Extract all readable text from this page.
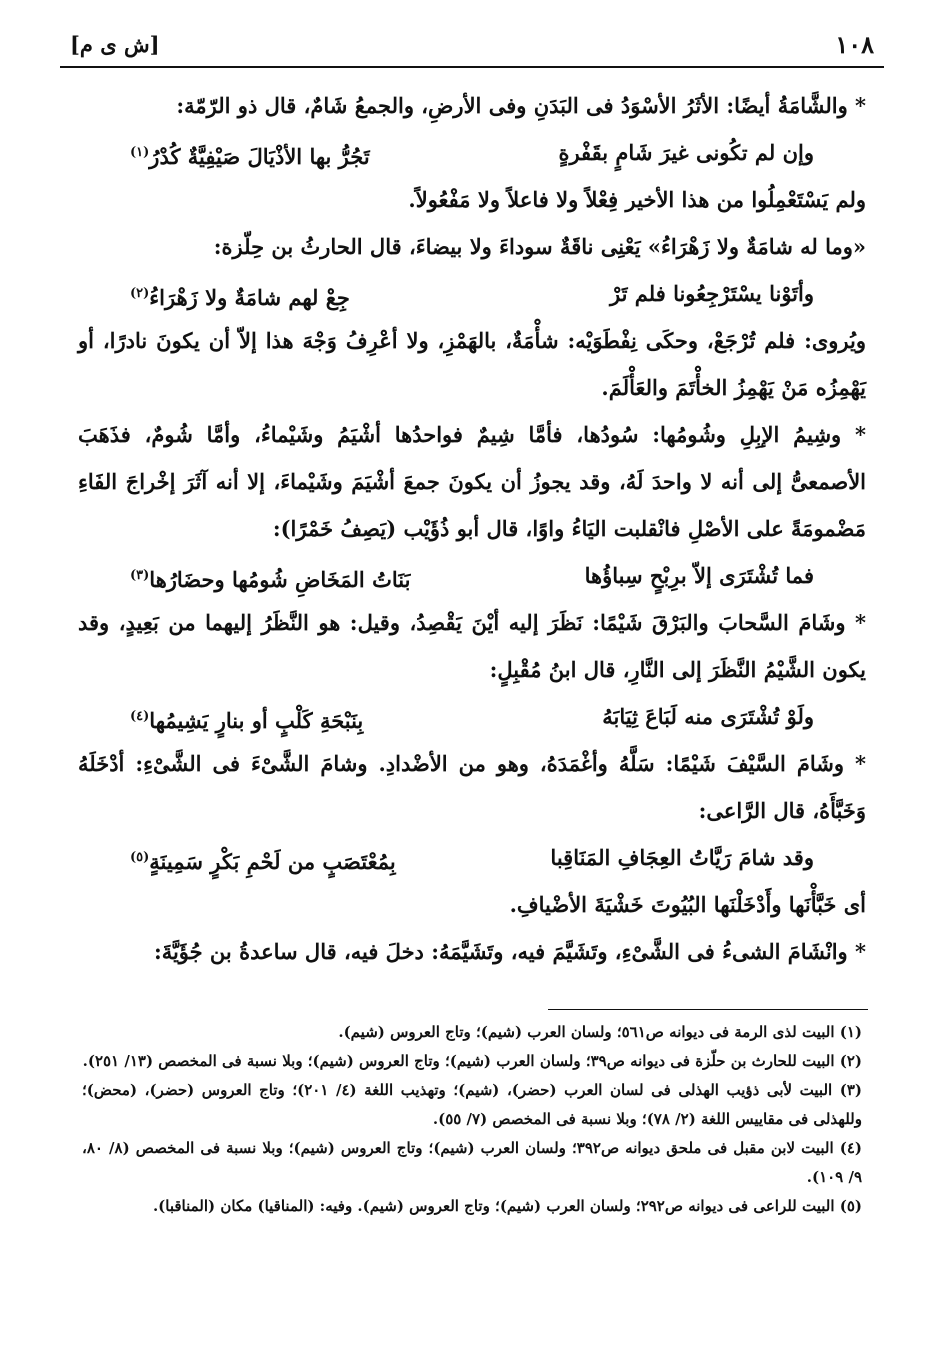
١٠٨
[ش ى م]

* والشَّامَةُ أيضًا: الأثَرُ الأسْوَدُ فى البَدَنِ وفى الأرضِ، والجمعُ شَامٌ، قال ذو الرّمّة:

وإن لم تكُونى غيرَ شَامٍ بقَفْرةٍ
تَجُرُّ بها الأذْيَالَ صَيْفِيَّةٌ كُدْرُ$^{(١)}$

ولم يَسْتَعْمِلُوا من هذا الأخير فِعْلاً ولا فاعلاً ولا مَفْعُولاً.

«وما له شامَةٌ ولا زَهْرَاءُ» يَعْنِى ناقَةٌ سوداءَ ولا بيضاءَ، قال الحارثُ بن حِلّزة:

وأتَوْنا يسْتَرْجِعُونا فلم تَرْ
جِعْ لهم شامَةٌ ولا زَهْرَاءُ$^{(٢)}$

ويُروى: فلم تُرْجَعْ، وحكَى نِفْطَوَيْه: شأْمَةٌ، بالهَمْزِ، ولا أعْرِفُ وَجْهَ هذا إلاّ أن يكونَ نادرًا، أو يَهْمِزُه مَنْ يَهْمِزُ الخأْتَمَ والعَأْلَمَ.

* وشِيمُ الإبِلِ وشُومُها: سُودُها، فأمَّا شِيمٌ فواحدُها أشْيَمُ وشَيْماءُ، وأمَّا شُومٌ، فذَهَبَ الأصمعىُّ إلى أنه لا واحدَ لَهُ، وقد يجوزُ أن يكونَ جمعَ أشْيَمَ وشَيْماءَ، إلا أنه آثَرَ إخْراجَ الفَاءِ مَضْمومَةً على الأصْلِ فانْقلبت اليَاءُ واوًا، قال أبو ذُؤَيْب (يَصِفُ خَمْرًا):

فما تُشْتَرَى إلاّ برِبْحٍ سِباؤُها
بَنَاتُ المَخَاضِ شُومُها وحضَارُها$^{(٣)}$

* وشَامَ السَّحابَ والبَرْقَ شَيْمًا: نَظَرَ إليه أيْنَ يَقْصِدُ، وقيل: هو النَّظَرُ إليهما من بَعِيدٍ، وقد يكون الشَّيْمُ النَّظَرَ إلى النَّارِ، قال ابنُ مُقْبِلٍ:

ولَوْ تُشْتَرَى منه لَبَاعَ ثِيَابَهُ
بِنَبْحَةِ كَلْبٍ أو بنارٍ يَشِيمُها$^{(٤)}$

* وشَامَ السَّيْفَ شَيْمًا: سَلَّهُ وأغْمَدَهُ، وهو من الأضْدادِ. وشامَ الشَّىْءَ فى الشَّىْءِ: أدْخَلَهُ وَخَبَّأَهُ، قال الرَّاعى:

وقد شامَ رَيَّاتُ العِجَافِ المَنَاقِبا
بِمُعْتَصَبٍ من لَحْمِ بَكْرٍ سَمِينَةٍ$^{(٥)}$

أى خَبَّأْنَها وأَدْخَلْنَها البُيُوتَ خَشْيَةَ الأضْيافِ.

* وانْشَامَ الشىءُ فى الشَّىْءِ، وتَشَيَّمَ فيه، وتَشَيَّمَهُ: دخلَ فيه، قال ساعدةُ بن جُؤَيَّةَ:

(١) البيت لذى الرمة فى ديوانه ص٥٦١؛ ولسان العرب (شيم)؛ وتاج العروس (شيم).

(٢) البيت للحارث بن حلّزة فى ديوانه ص٣٩؛ ولسان العرب (شيم)؛ وتاج العروس (شيم)؛ وبلا نسبة فى المخصص (١٣/ ٢٥١).

(٣) البيت لأبى ذؤيب الهذلى فى لسان العرب (حضر)، (شيم)؛ وتهذيب اللغة (٤/ ٢٠١)؛ وتاج العروس (حضر)، (محض)؛ وللهذلى فى مقاييس اللغة (٢/ ٧٨)؛ وبلا نسبة فى المخصص (٧/ ٥٥).

(٤) البيت لابن مقبل فى ملحق ديوانه ص٣٩٢؛ ولسان العرب (شيم)؛ وتاج العروس (شيم)؛ وبلا نسبة فى المخصص (٨/ ٨٠، ٩/ ١٠٩).

(٥) البيت للراعى فى ديوانه ص٢٩٢؛ ولسان العرب (شيم)؛ وتاج العروس (شيم). وفيه: (المناقيا) مكان (المناقبا).
